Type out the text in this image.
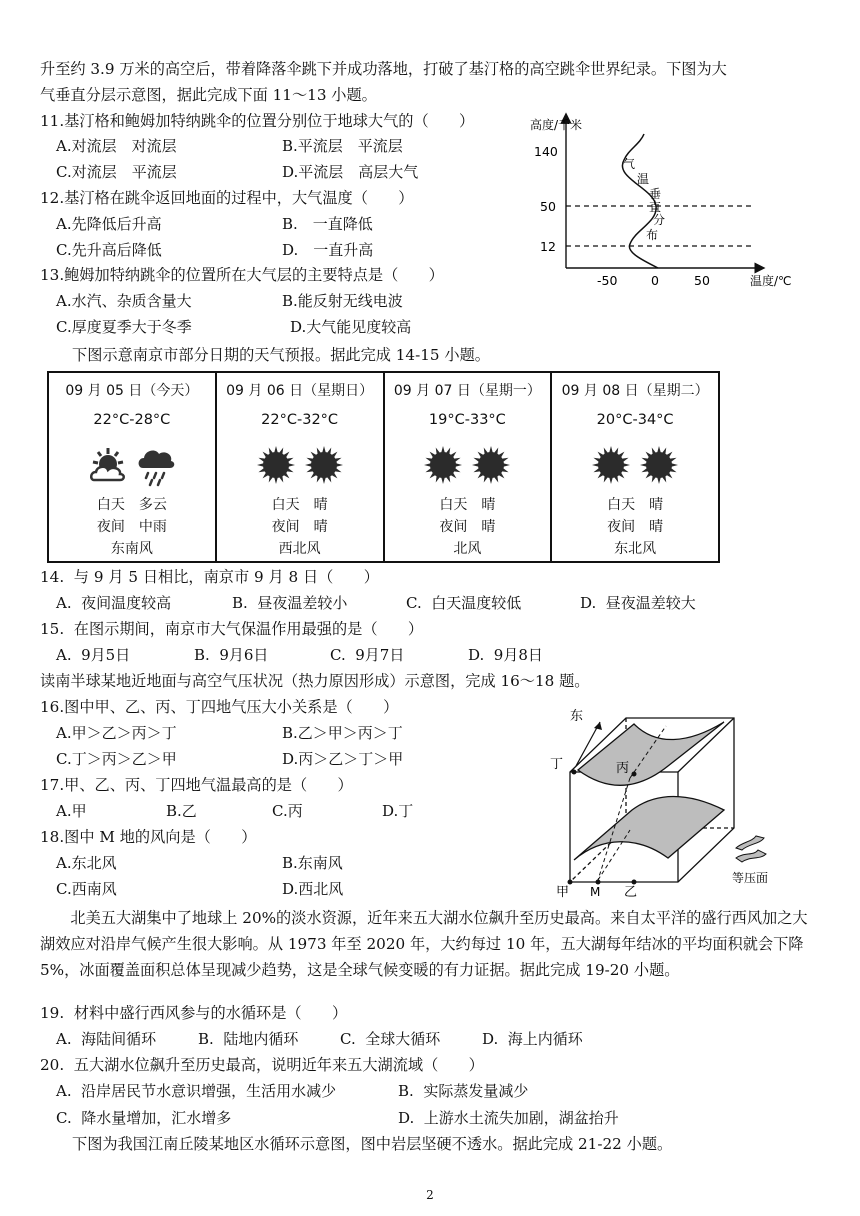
升至约 3.9 万米的高空后，带着降落伞跳下并成功落地，打破了基汀格的高空跳伞世界纪录。下图为大
气垂直分层示意图，据此完成下面 11～13 小题。
11.基汀格和鲍姆加特纳跳伞的位置分别位于地球大气的（　　）
A.对流层　对流层	B.平流层　平流层
C.对流层　平流层	D.平流层　高层大气
12.基汀格在跳伞返回地面的过程中，大气温度（　　）
A.先降低后升高	B.　一直降低
C.先升高后降低	D.　一直升高
13.鲍姆加特纳跳伞的位置所在大气层的主要特点是（　　）
A.水汽、杂质含量大	B.能反射无线电波
C.厚度夏季大于冬季	D.大气能见度较高
高度/千米
温度/℃
140
50
12
-50	0	50
气
温
垂
直
分
布
下图示意南京市部分日期的天气预报。据此完成 14-15 小题。
09 月 05 日（今天）
22°C-28°C
白天　多云
夜间　中雨
东南风

09 月 06 日（星期日）
22°C-32°C
白天　晴
夜间　晴
西北风

09 月 07 日（星期一）
19°C-33°C
白天　晴
夜间　晴
北风

09 月 08 日（星期二）
20°C-34°C
白天　晴
夜间　晴
东北风
14.  与 9 月 5 日相比，南京市 9 月 8 日（　　）
A.  夜间温度较高	B.  昼夜温差较小	C.  白天温度较低	D.  昼夜温差较大
15.  在图示期间，南京市大气保温作用最强的是（　　）
A.  9月5日	B.  9月6日	C.  9月7日	D.  9月8日
读南半球某地近地面与高空气压状况（热力原因形成）示意图，完成 16～18 题。
16.图中甲、乙、丙、丁四地气压大小关系是（　　）
A.甲＞乙＞丙＞丁	B.乙＞甲＞丙＞丁
C.丁＞丙＞乙＞甲	D.丙＞乙＞丁＞甲
17.甲、乙、丙、丁四地气温最高的是（　　）
A.甲	B.乙	C.丙	D.丁
18.图中 M 地的风向是（　　）
A.东北风	B.东南风
C.西南风	D.西北风
东
丁	丙
甲 M 乙
等压面
北美五大湖集中了地球上 20%的淡水资源，近年来五大湖水位飙升至历史最高。来自太平洋的盛行西风加之大湖效应对沿岸气候产生很大影响。从 1973 年至 2020 年，大约每过 10 年，五大湖每年结冰的平均面积就会下降 5%，冰面覆盖面积总体呈现减少趋势，这是全球气候变暖的有力证据。据此完成 19-20 小题。
19.  材料中盛行西风参与的水循环是（　　）
A.  海陆间循环	B.  陆地内循环	C.  全球大循环	D.  海上内循环
20.  五大湖水位飙升至历史最高，说明近年来五大湖流域（　　）
A.  沿岸居民节水意识增强，生活用水减少	B.  实际蒸发量减少
C.  降水量增加，汇水增多	D.  上游水土流失加剧，湖盆抬升
下图为我国江南丘陵某地区水循环示意图，图中岩层坚硬不透水。据此完成 21-22 小题。
2
